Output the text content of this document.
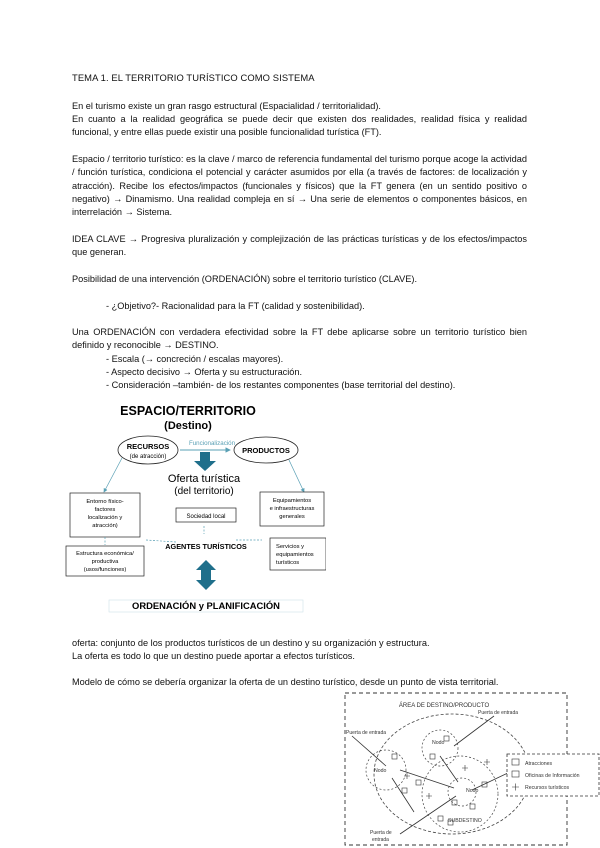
TEMA 1. EL TERRITORIO TURÍSTICO COMO SISTEMA

En el turismo existe un gran rasgo estructural (Espacialidad / territorialidad).

En cuanto a la realidad geográfica se puede decir que existen dos realidades, realidad física y realidad funcional, y entre ellas puede existir una posible funcionalidad turística (FT).

Espacio / territorio turístico: es la clave / marco de referencia fundamental del turismo porque acoge la actividad / función turística, condiciona el potencial y carácter asumidos por ella (a través de factores: de localización y atracción). Recibe los efectos/impactos (funcionales y físicos) que la FT genera (en un sentido positivo o negativo) → Dinamismo. Una realidad compleja en sí → Una serie de elementos o componentes básicos, en interrelación → Sistema.

IDEA CLAVE → Progresiva pluralización y complejización de las prácticas turísticas y de los efectos/impactos que generan.

Posibilidad de una intervención (ORDENACIÓN) sobre el territorio turístico (CLAVE).

- ¿Objetivo?- Racionalidad para la FT (calidad y sostenibilidad).

Una ORDENACIÓN con verdadera efectividad sobre la FT debe aplicarse sobre un territorio turístico bien definido y reconocible → DESTINO.

- Escala (→ concreción / escalas mayores).

- Aspecto decisivo → Oferta y su estructuración.

- Consideración –también- de los restantes componentes (base territorial del destino).

ESPACIO/TERRITORIO
(Destino)
RECURSOS
(de atracción)
Funcionalización
PRODUCTOS
Oferta turística
(del territorio)
Entorno físico-
factores
localización y
atracción)
Sociedad local
Equipamientos
e infraestructuras
generales
Estructura económica/
productiva
(usos/funciones)
AGENTES TURÍSTICOS	Servicios y
equipamientos
turísticos
ORDENACIÓN y PLANIFICACIÓN

oferta: conjunto de los productos turísticos de un destino y su organización y estructura.

La oferta es todo lo que un destino puede aportar a efectos turísticos.

Modelo de cómo se debería organizar la oferta de un destino turístico, desde un punto de vista territorial.

ÁREA DE DESTINO/PRODUCTO
Puerta de entrada
Puerta de entrada
Puerta de
entrada
Nodo
Nodo
Nodo
SUBDESTINO
Atracciones
Oficinas de Información
Recursos turísticos
